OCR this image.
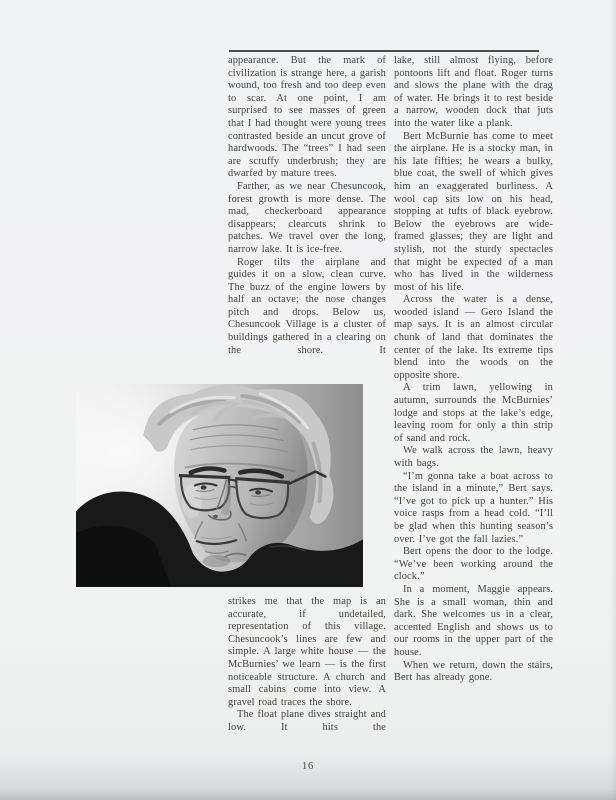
appearance. But the mark of civilization is strange here, a garish wound, too fresh and too deep even to scar. At one point, I am surprised to see masses of green that I had thought were young trees contrasted beside an uncut grove of hardwoods. The “trees” I had seen are scruffy underbrush; they are dwarfed by mature trees.

Farther, as we near Chesuncook, forest growth is more dense. The mad, checkerboard appearance disappears; clearcuts shrink to patches. We travel over the long, narrow lake. It is ice-free.

Roger tilts the airplane and guides it on a slow, clean curve. The buzz of the engine lowers by half an octave; the nose changes pitch and drops. Below us, Chesuncook Village is a cluster of buildings gathered in a clearing on the shore. It

strikes me that the map is an accurate, if undetailed, representation of this village. Chesuncook’s lines are few and simple. A large white house — the McBurnies’ we learn — is the first noticeable structure. A church and small cabins come into view. A gravel road traces the shore.

The float plane dives straight and low. It hits the

lake, still almost flying, before pontoons lift and float. Roger turns and slows the plane with the drag of water. He brings it to rest beside a narrow, wooden dock that juts into the water like a plank.

Bert McBurnie has come to meet the airplane. He is a stocky man, in his late fifties; he wears a bulky, blue coat, the swell of which gives him an exaggerated burliness. A wool cap sits low on his head, stopping at tufts of black eyebrow. Below the eyebrows are wide-framed glasses; they are light and stylish, not the sturdy spectacles that might be expected of a man who has lived in the wilderness most of his life.

Across the water is a dense, wooded island — Gero Island the map says. It is an almost circular chunk of land that dominates the center of the lake. Its extreme tips blend into the woods on the opposite shore.

A trim lawn, yellowing in autumn, surrounds the McBurnies’ lodge and stops at the lake’s edge, leaving room for only a thin strip of sand and rock.

We walk across the lawn, heavy with bags.

“I’m gonna take a boat across to the island in a minute,” Bert says. “I’ve got to pick up a hunter.” His voice rasps from a head cold. “I’ll be glad when this hunting season’s over. I’ve got the fall lazies.”

Bert opens the door to the lodge. “We’ve been working around the clock.”

In a moment, Maggie appears. She is a small woman, thin and dark. She welcomes us in a clear, accented English and shows us to our rooms in the upper part of the house.

When we return, down the stairs, Bert has already gone.

16
